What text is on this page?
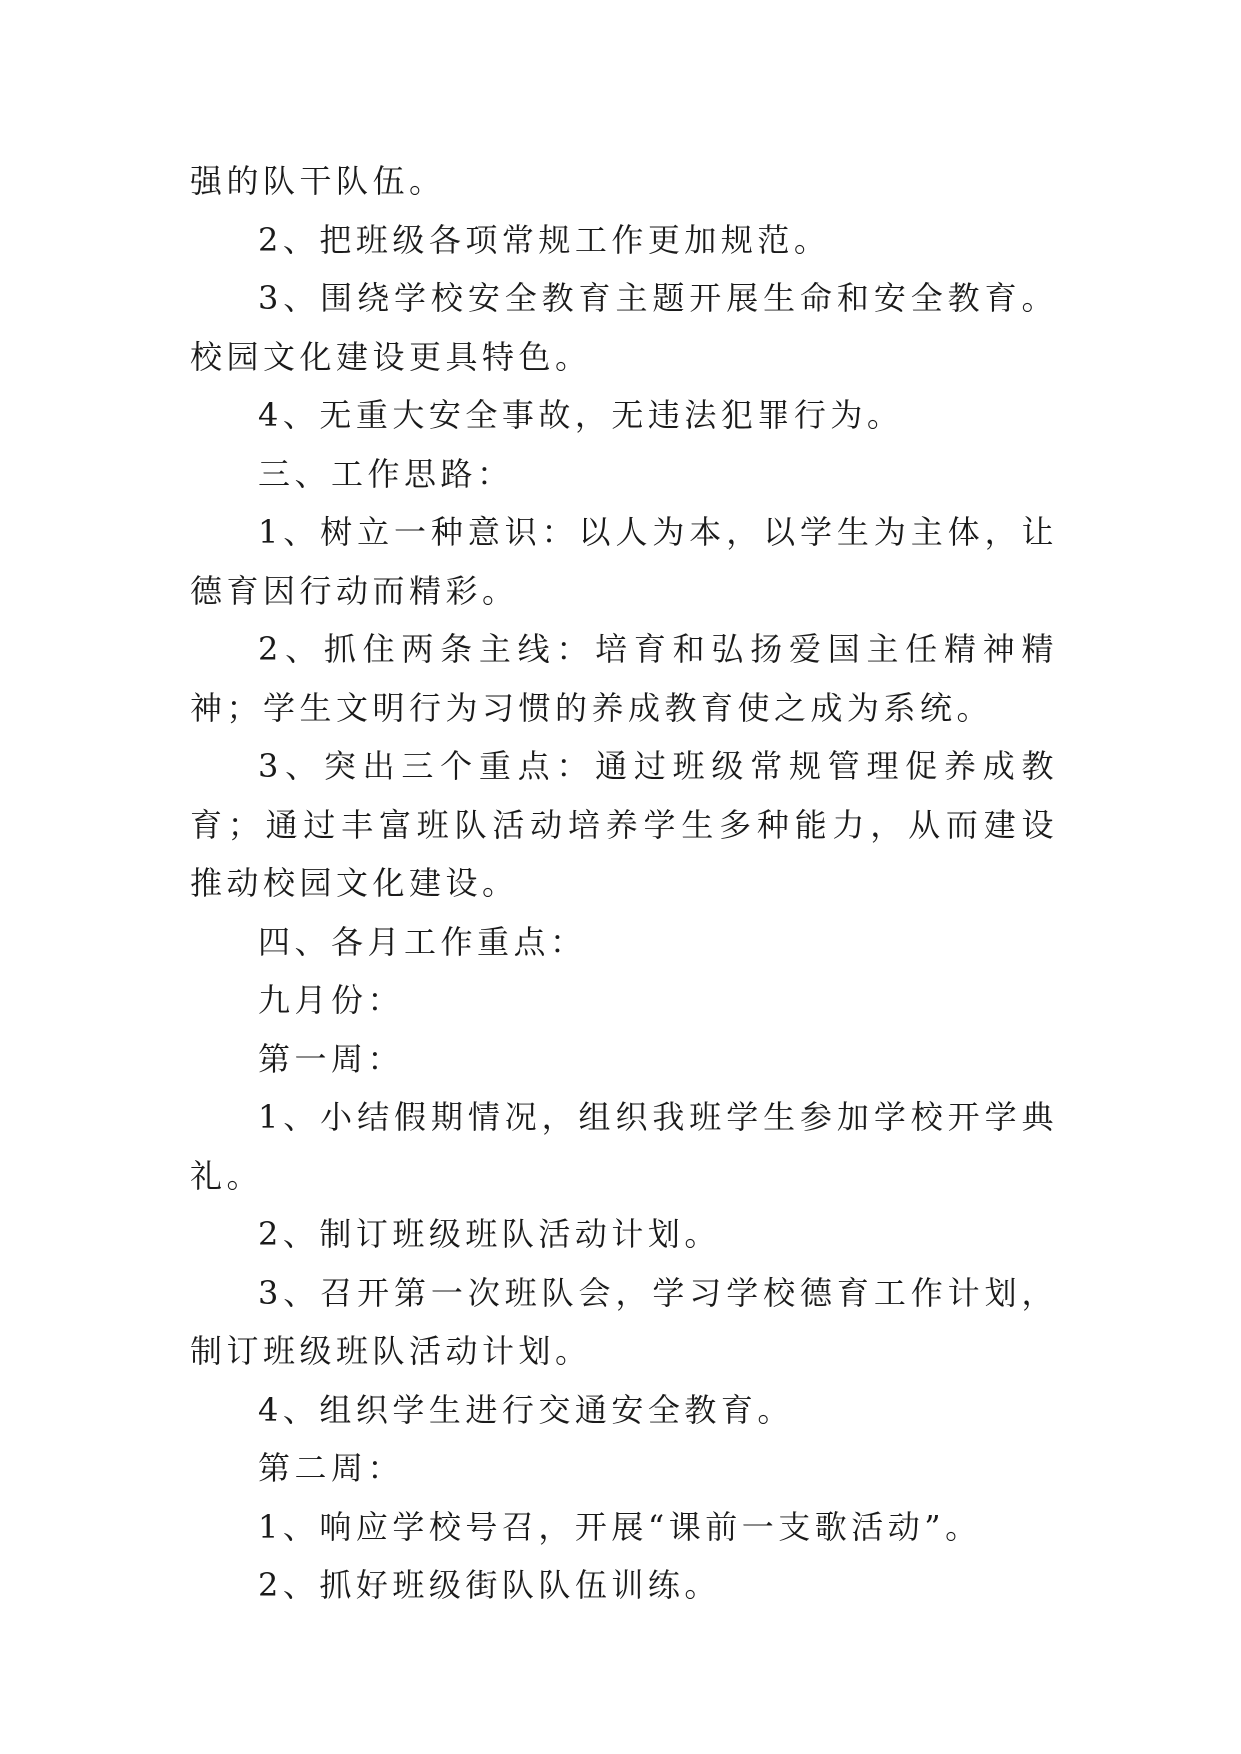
强的队干队伍。

2、把班级各项常规工作更加规范。

3、围绕学校安全教育主题开展生命和安全教育。校园文化建设更具特色。

4、无重大安全事故，无违法犯罪行为。

三、工作思路：

1、树立一种意识：以人为本，以学生为主体，让德育因行动而精彩。

2、抓住两条主线：培育和弘扬爱国主任精神精神；学生文明行为习惯的养成教育使之成为系统。

3、突出三个重点：通过班级常规管理促养成教育；通过丰富班队活动培养学生多种能力，从而建设推动校园文化建设。

四、各月工作重点：

九月份：

第一周：

1、小结假期情况，组织我班学生参加学校开学典礼。

2、制订班级班队活动计划。

3、召开第一次班队会，学习学校德育工作计划，制订班级班队活动计划。

4、组织学生进行交通安全教育。

第二周：

1、响应学校号召，开展“课前一支歌活动”。

2、抓好班级街队队伍训练。
